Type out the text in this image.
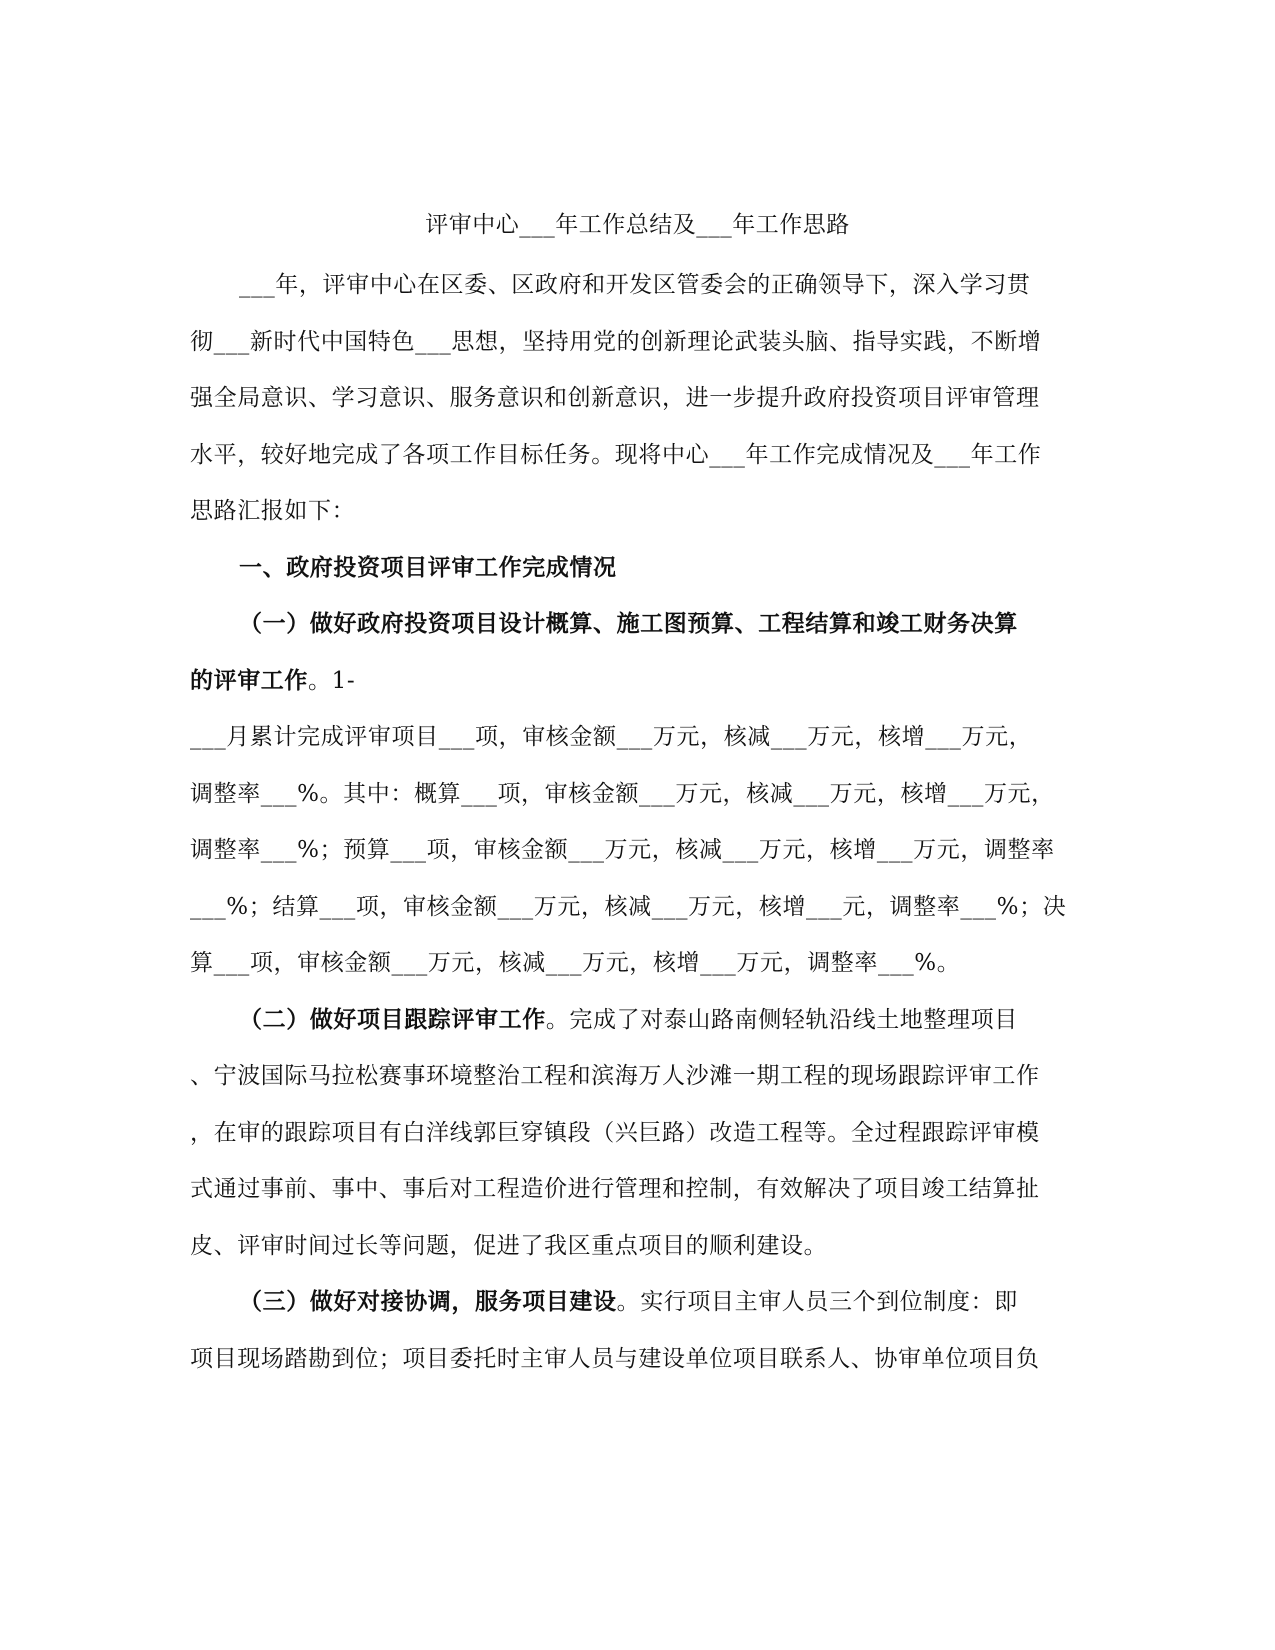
评审中心___年工作总结及___年工作思路
___年，评审中心在区委、区政府和开发区管委会的正确领导下，深入学习贯
彻___新时代中国特色___思想，坚持用党的创新理论武装头脑、指导实践，不断增
强全局意识、学习意识、服务意识和创新意识，进一步提升政府投资项目评审管理
水平，较好地完成了各项工作目标任务。现将中心___年工作完成情况及___年工作
思路汇报如下：
一、政府投资项目评审工作完成情况
（一）做好政府投资项目设计概算、施工图预算、工程结算和竣工财务决算
的评审工作。1-
___月累计完成评审项目___项，审核金额___万元，核减___万元，核增___万元，
调整率___%。其中：概算___项，审核金额___万元，核减___万元，核增___万元，
调整率___%；预算___项，审核金额___万元，核减___万元，核增___万元，调整率
___%；结算___项，审核金额___万元，核减___万元，核增___元，调整率___%；决
算___项，审核金额___万元，核减___万元，核增___万元，调整率___%。
（二）做好项目跟踪评审工作。完成了对泰山路南侧轻轨沿线土地整理项目
、宁波国际马拉松赛事环境整治工程和滨海万人沙滩一期工程的现场跟踪评审工作
，在审的跟踪项目有白洋线郭巨穿镇段（兴巨路）改造工程等。全过程跟踪评审模
式通过事前、事中、事后对工程造价进行管理和控制，有效解决了项目竣工结算扯
皮、评审时间过长等问题，促进了我区重点项目的顺利建设。
（三）做好对接协调，服务项目建设。实行项目主审人员三个到位制度：即
项目现场踏勘到位；项目委托时主审人员与建设单位项目联系人、协审单位项目负
